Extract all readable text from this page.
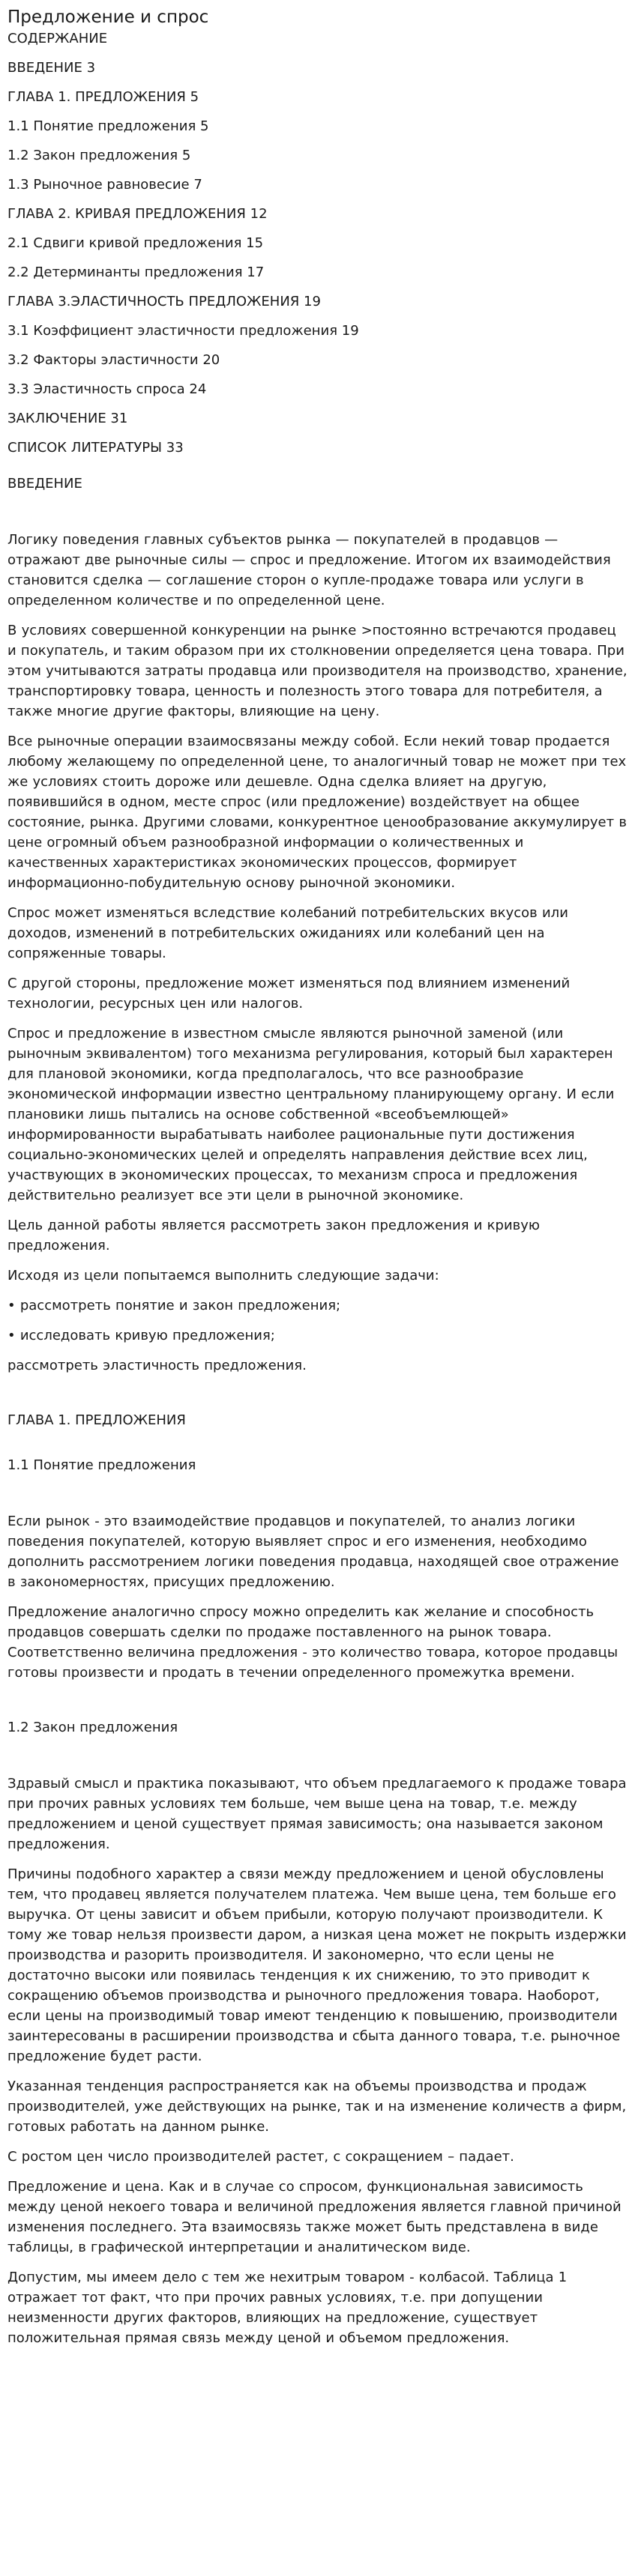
Предложение и спрос
СОДЕРЖАНИЕ
ВВЕДЕНИЕ 3
ГЛАВА 1. ПРЕДЛОЖЕНИЯ 5
1.1 Понятие предложения 5
1.2 Закон предложения 5
1.3 Рыночное равновесие 7
ГЛАВА 2. КРИВАЯ ПРЕДЛОЖЕНИЯ 12
2.1 Сдвиги кривой предложения 15
2.2 Детерминанты предложения 17
ГЛАВА 3.ЭЛАСТИЧНОСТЬ ПРЕДЛОЖЕНИЯ 19
3.1 Коэффициент эластичности предложения 19
3.2 Факторы эластичности 20
3.3 Эластичность спроса 24
ЗАКЛЮЧЕНИЕ 31
СПИСОК ЛИТЕРАТУРЫ 33
ВВЕДЕНИЕ

Логику поведения главных субъектов рынка — покупателей в продавцов — отражают две рыночные силы — спрос и предложение. Итогом их взаимодействия становится сделка — соглашение сторон о купле-продаже товара или услуги в определенном количестве и по определенной цене.

В условиях совершенной конкуренции на рынке >постоянно встречаются продавец и покупатель, и таким образом при их столкновении определяется цена товара. При этом учитываются затраты продавца или производителя на производство, хранение, транспортировку товара, ценность и полезность этого товара для потребителя, а также многие другие факторы, влияющие на цену.

Все рыночные операции взаимосвязаны между собой. Если некий товар продается любому желающему по определенной цене, то аналогичный товар не может при тех же условиях стоить дороже или дешевле. Одна сделка влияет на другую, появившийся в одном, месте спрос (или предложение) воздействует на общее состояние, рынка. Другими словами, конкурентное ценообразование аккумулирует в цене огромный объем разнообразной информации о количественных и качественных характеристиках экономических процессов, формирует информационно-побудительную основу рыночной экономики.

Спрос может изменяться вследствие колебаний потребительских вкусов или доходов, изменений в потребительских ожиданиях или колебаний цен на сопряженные товары.

С другой стороны, предложение может изменяться под влиянием изменений технологии, ресурсных цен или налогов.

Спрос и предложение в известном смысле являются рыночной заменой (или рыночным эквивалентом) того механизма регулирования, который был характерен для плановой экономики, когда предполагалось, что все разнообразие экономической информации известно центральному планирующему органу. И если плановики лишь пытались на основе собственной «всеобъемлющей» информированности вырабатывать наиболее рациональные пути достижения социально-экономических целей и определять направления действие всех лиц, участвующих в экономических процессах, то механизм спроса и предложения действительно реализует все эти цели в рыночной экономике.

Цель данной работы является рассмотреть закон предложения и кривую предложения.

Исходя из цели попытаемся выполнить следующие задачи:

• рассмотреть понятие и закон предложения;

• исследовать кривую предложения;

рассмотреть эластичность предложения.

ГЛАВА 1. ПРЕДЛОЖЕНИЯ
1.1 Понятие предложения

Если рынок - это взаимодействие продавцов и покупателей, то анализ логики поведения покупателей, которую выявляет спрос и его изменения, необходимо дополнить рассмотрением логики поведения продавца, находящей свое отражение в закономерностях, присущих предложению.

Предложение аналогично спросу можно определить как желание и способность продавцов совершать сделки по продаже поставленного на рынок товара. Соответственно величина предложения - это количество товара, которое продавцы готовы произвести и продать в течении определенного промежутка времени.

1.2 Закон предложения

Здравый смысл и практика показывают, что объем предлагаемого к продаже товара при прочих равных условиях тем больше, чем выше цена на товар, т.е. между предложением и ценой существует прямая зависимость; она называется законом предложения.

Причины подобного характер а связи между предложением и ценой обусловлены тем, что продавец является получателем платежа. Чем выше цена, тем больше его выручка. От цены зависит и объем прибыли, которую получают производители. К тому же товар нельзя произвести даром, а низкая цена может не покрыть издержки производства и разорить производителя. И закономерно, что если цены не достаточно высоки или появилась тенденция к их снижению, то это приводит к сокращению объемов производства и рыночного предложения товара. Наоборот, если цены на производимый товар имеют тенденцию к повышению, производители заинтересованы в расширении производства и сбыта данного товара, т.е. рыночное предложение будет расти.

Указанная тенденция распространяется как на объемы производства и продаж производителей, уже действующих на рынке, так и на изменение количеств а фирм, готовых работать на данном рынке.

С ростом цен число производителей растет, с сокращением – падает.

Предложение и цена. Как и в случае со спросом, функциональная зависимость между ценой некоего товара и величиной предложения является главной причиной изменения последнего. Эта взаимосвязь также может быть представлена в виде таблицы, в графической интерпретации и аналитическом виде.

Допустим, мы имеем дело с тем же нехитрым товаром - колбасой. Таблица 1 отражает тот факт, что при прочих равных условиях, т.е. при допущении неизменности других факторов, влияющих на предложение, существует положительная прямая связь между ценой и объемом предложения.
